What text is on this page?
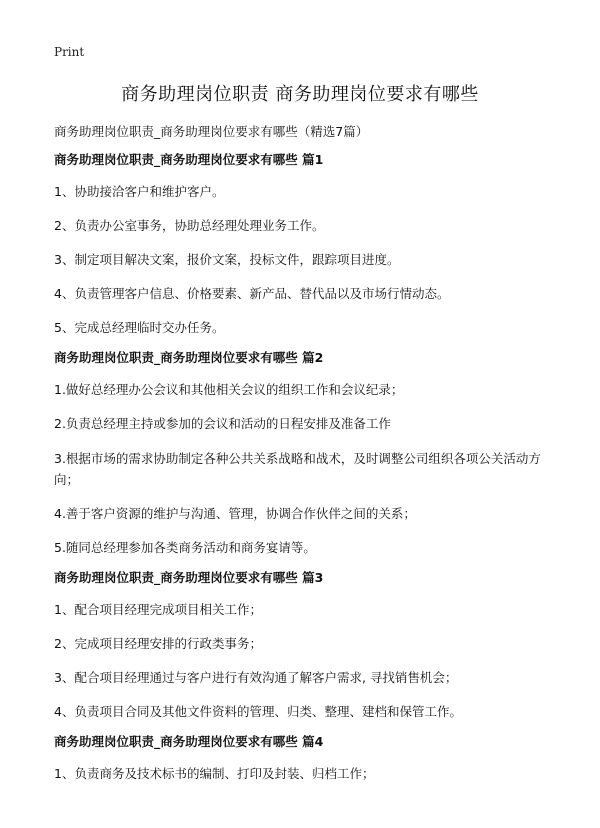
Print
商务助理岗位职责 商务助理岗位要求有哪些
商务助理岗位职责_商务助理岗位要求有哪些（精选7篇）

商务助理岗位职责_商务助理岗位要求有哪些 篇1

1、协助接洽客户和维护客户。

2、负责办公室事务，协助总经理处理业务工作。

3、制定项目解决文案，报价文案，投标文件，跟踪项目进度。

4、负责管理客户信息、价格要素、新产品、替代品以及市场行情动态。

5、完成总经理临时交办任务。

商务助理岗位职责_商务助理岗位要求有哪些 篇2

1.做好总经理办公会议和其他相关会议的组织工作和会议纪录；

2.负责总经理主持或参加的会议和活动的日程安排及准备工作

3.根据市场的需求协助制定各种公共关系战略和战术，及时调整公司组织各项公关活动方向；

4.善于客户资源的维护与沟通、管理，协调合作伙伴之间的关系；

5.随同总经理参加各类商务活动和商务宴请等。

商务助理岗位职责_商务助理岗位要求有哪些 篇3

1、配合项目经理完成项目相关工作；

2、完成项目经理安排的行政类事务；

3、配合项目经理通过与客户进行有效沟通了解客户需求, 寻找销售机会；

4、负责项目合同及其他文件资料的管理、归类、整理、建档和保管工作。

商务助理岗位职责_商务助理岗位要求有哪些 篇4

1、负责商务及技术标书的编制、打印及封装、归档工作；
